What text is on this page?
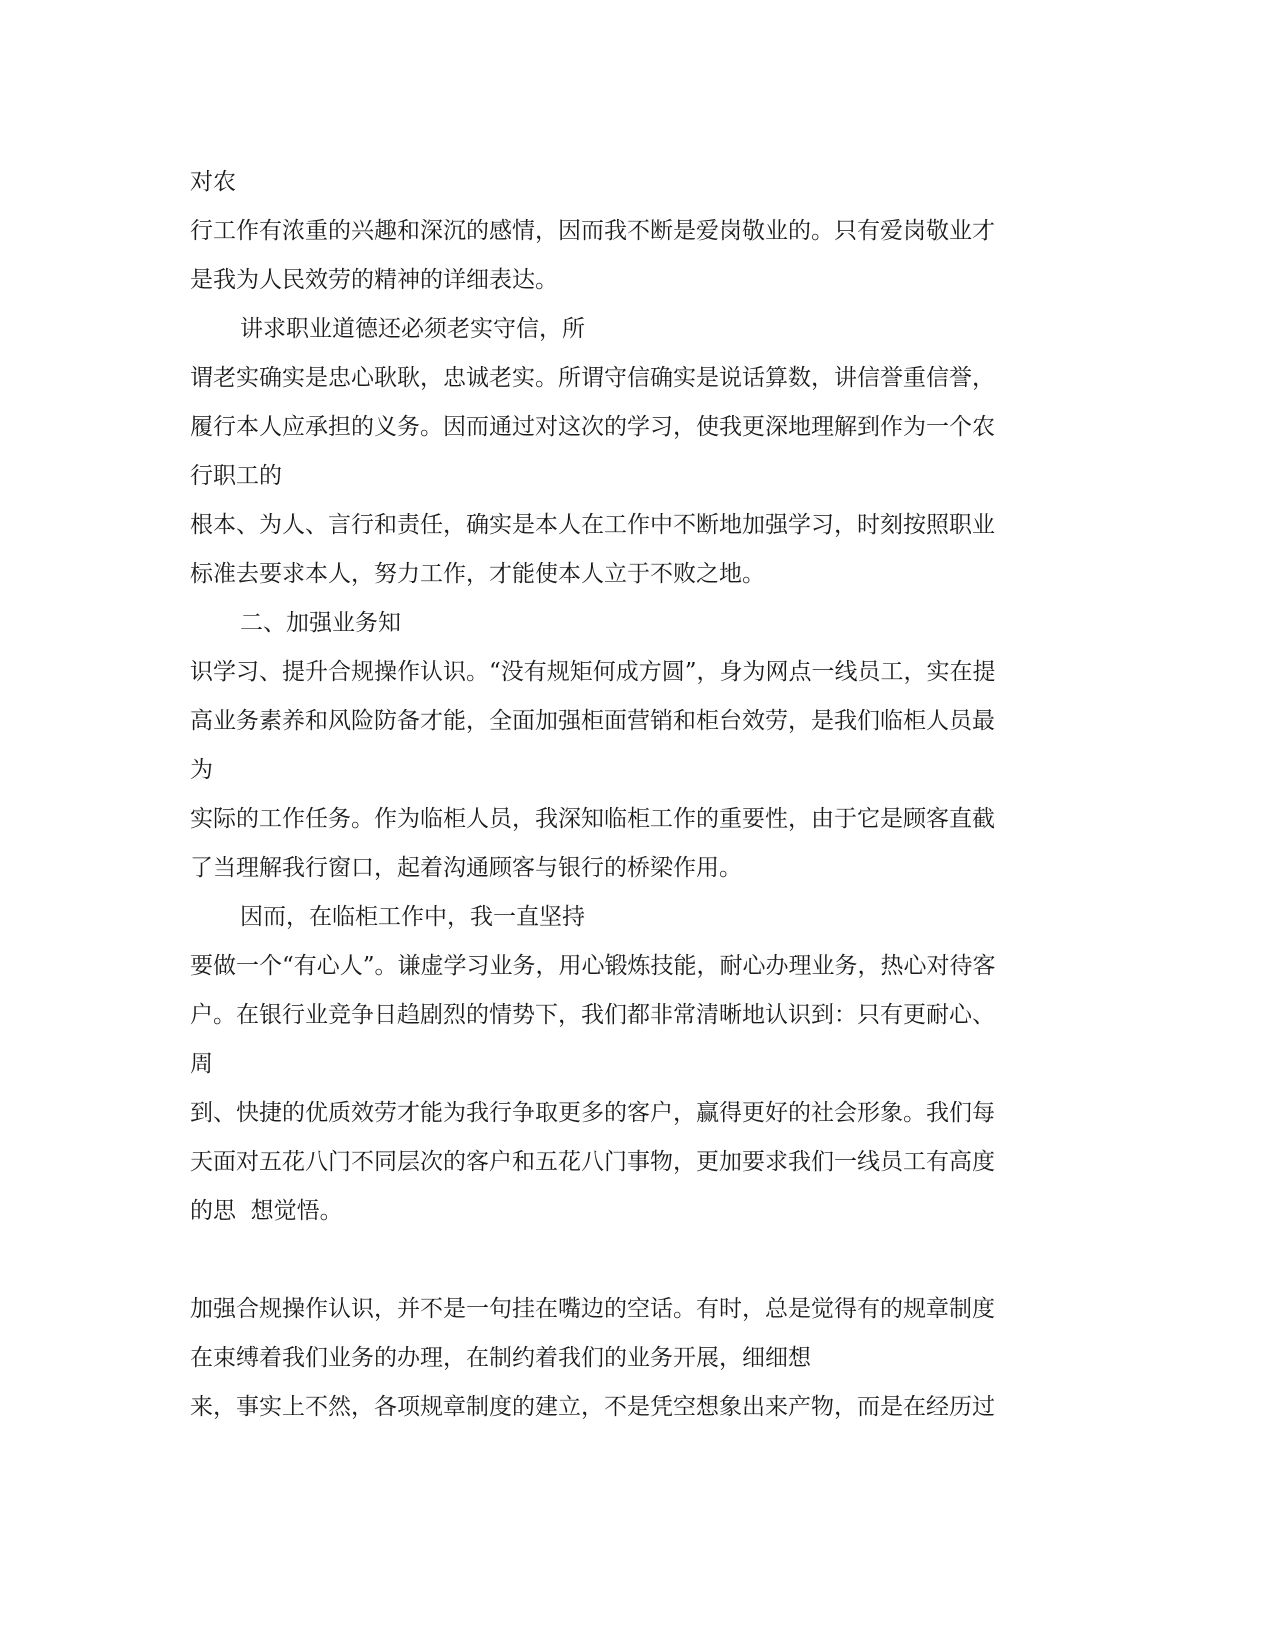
对农
行工作有浓重的兴趣和深沉的感情，因而我不断是爱岗敬业的。只有爱岗敬业才
是我为人民效劳的精神的详细表达。
讲求职业道德还必须老实守信，所
谓老实确实是忠心耿耿，忠诚老实。所谓守信确实是说话算数，讲信誉重信誉，
履行本人应承担的义务。因而通过对这次的学习，使我更深地理解到作为一个农
行职工的
根本、为人、言行和责任，确实是本人在工作中不断地加强学习，时刻按照职业
标准去要求本人，努力工作，才能使本人立于不败之地。
二、加强业务知
识学习、提升合规操作认识。“没有规矩何成方圆”，身为网点一线员工，实在提
高业务素养和风险防备才能，全面加强柜面营销和柜台效劳，是我们临柜人员最
为
实际的工作任务。作为临柜人员，我深知临柜工作的重要性，由于它是顾客直截
了当理解我行窗口，起着沟通顾客与银行的桥梁作用。
因而，在临柜工作中，我一直坚持
要做一个“有心人”。谦虚学习业务，用心锻炼技能，耐心办理业务，热心对待客
户。在银行业竞争日趋剧烈的情势下，我们都非常清晰地认识到：只有更耐心、
周
到、快捷的优质效劳才能为我行争取更多的客户，赢得更好的社会形象。我们每
天面对五花八门不同层次的客户和五花八门事物，更加要求我们一线员工有高度
的思  想觉悟。
加强合规操作认识，并不是一句挂在嘴边的空话。有时，总是觉得有的规章制度
在束缚着我们业务的办理，在制约着我们的业务开展，细细想
来，事实上不然，各项规章制度的建立，不是凭空想象出来产物，而是在经历过
